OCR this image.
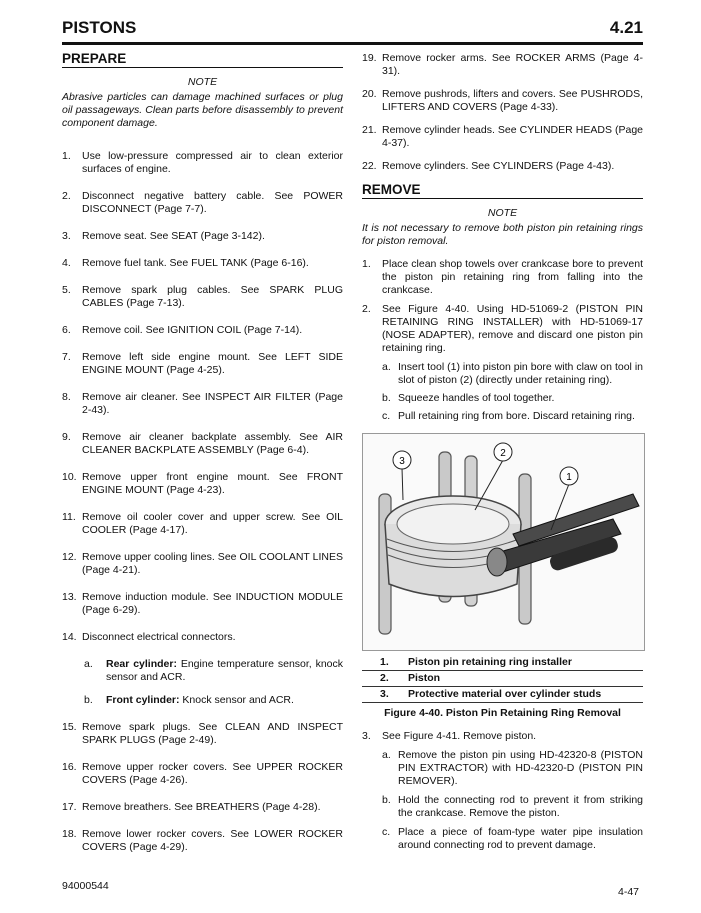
PISTONS	4.21
PREPARE
NOTE
Abrasive particles can damage machined surfaces or plug oil passageways. Clean parts before disassembly to prevent component damage.
1. Use low-pressure compressed air to clean exterior surfaces of engine.
2. Disconnect negative battery cable. See POWER DISCONNECT (Page 7-7).
3. Remove seat. See SEAT (Page 3-142).
4. Remove fuel tank. See FUEL TANK (Page 6-16).
5. Remove spark plug cables. See SPARK PLUG CABLES (Page 7-13).
6. Remove coil. See IGNITION COIL (Page 7-14).
7. Remove left side engine mount. See LEFT SIDE ENGINE MOUNT (Page 4-25).
8. Remove air cleaner. See INSPECT AIR FILTER (Page 2-43).
9. Remove air cleaner backplate assembly. See AIR CLEANER BACKPLATE ASSEMBLY (Page 6-4).
10. Remove upper front engine mount. See FRONT ENGINE MOUNT (Page 4-23).
11. Remove oil cooler cover and upper screw. See OIL COOLER (Page 4-17).
12. Remove upper cooling lines. See OIL COOLANT LINES (Page 4-21).
13. Remove induction module. See INDUCTION MODULE (Page 6-29).
14. Disconnect electrical connectors.
a. Rear cylinder: Engine temperature sensor, knock sensor and ACR.
b. Front cylinder: Knock sensor and ACR.
15. Remove spark plugs. See CLEAN AND INSPECT SPARK PLUGS (Page 2-49).
16. Remove upper rocker covers. See UPPER ROCKER COVERS (Page 4-26).
17. Remove breathers. See BREATHERS (Page 4-28).
18. Remove lower rocker covers. See LOWER ROCKER COVERS (Page 4-29).
19. Remove rocker arms. See ROCKER ARMS (Page 4-31).
20. Remove pushrods, lifters and covers. See PUSHRODS, LIFTERS AND COVERS (Page 4-33).
21. Remove cylinder heads. See CYLINDER HEADS (Page 4-37).
22. Remove cylinders. See CYLINDERS (Page 4-43).
REMOVE
NOTE
It is not necessary to remove both piston pin retaining rings for piston removal.
1. Place clean shop towels over crankcase bore to prevent the piston pin retaining ring from falling into the crankcase.
2. See Figure 4-40. Using HD-51069-2 (PISTON PIN RETAINING RING INSTALLER) with HD-51069-17 (NOSE ADAPTER), remove and discard one piston pin retaining ring.
a. Insert tool (1) into piston pin bore with claw on tool in slot of piston (2) (directly under retaining ring).
b. Squeeze handles of tool together.
c. Pull retaining ring from bore. Discard retaining ring.
3
2
1
1.	Piston pin retaining ring installer
2.	Piston
3.	Protective material over cylinder studs
Figure 4-40. Piston Pin Retaining Ring Removal
3. See Figure 4-41. Remove piston.
a. Remove the piston pin using HD-42320-8 (PISTON PIN EXTRACTOR) with HD-42320-D (PISTON PIN REMOVER).
b. Hold the connecting rod to prevent it from striking the crankcase. Remove the piston.
c. Place a piece of foam-type water pipe insulation around connecting rod to prevent damage.
94000544	4-47
